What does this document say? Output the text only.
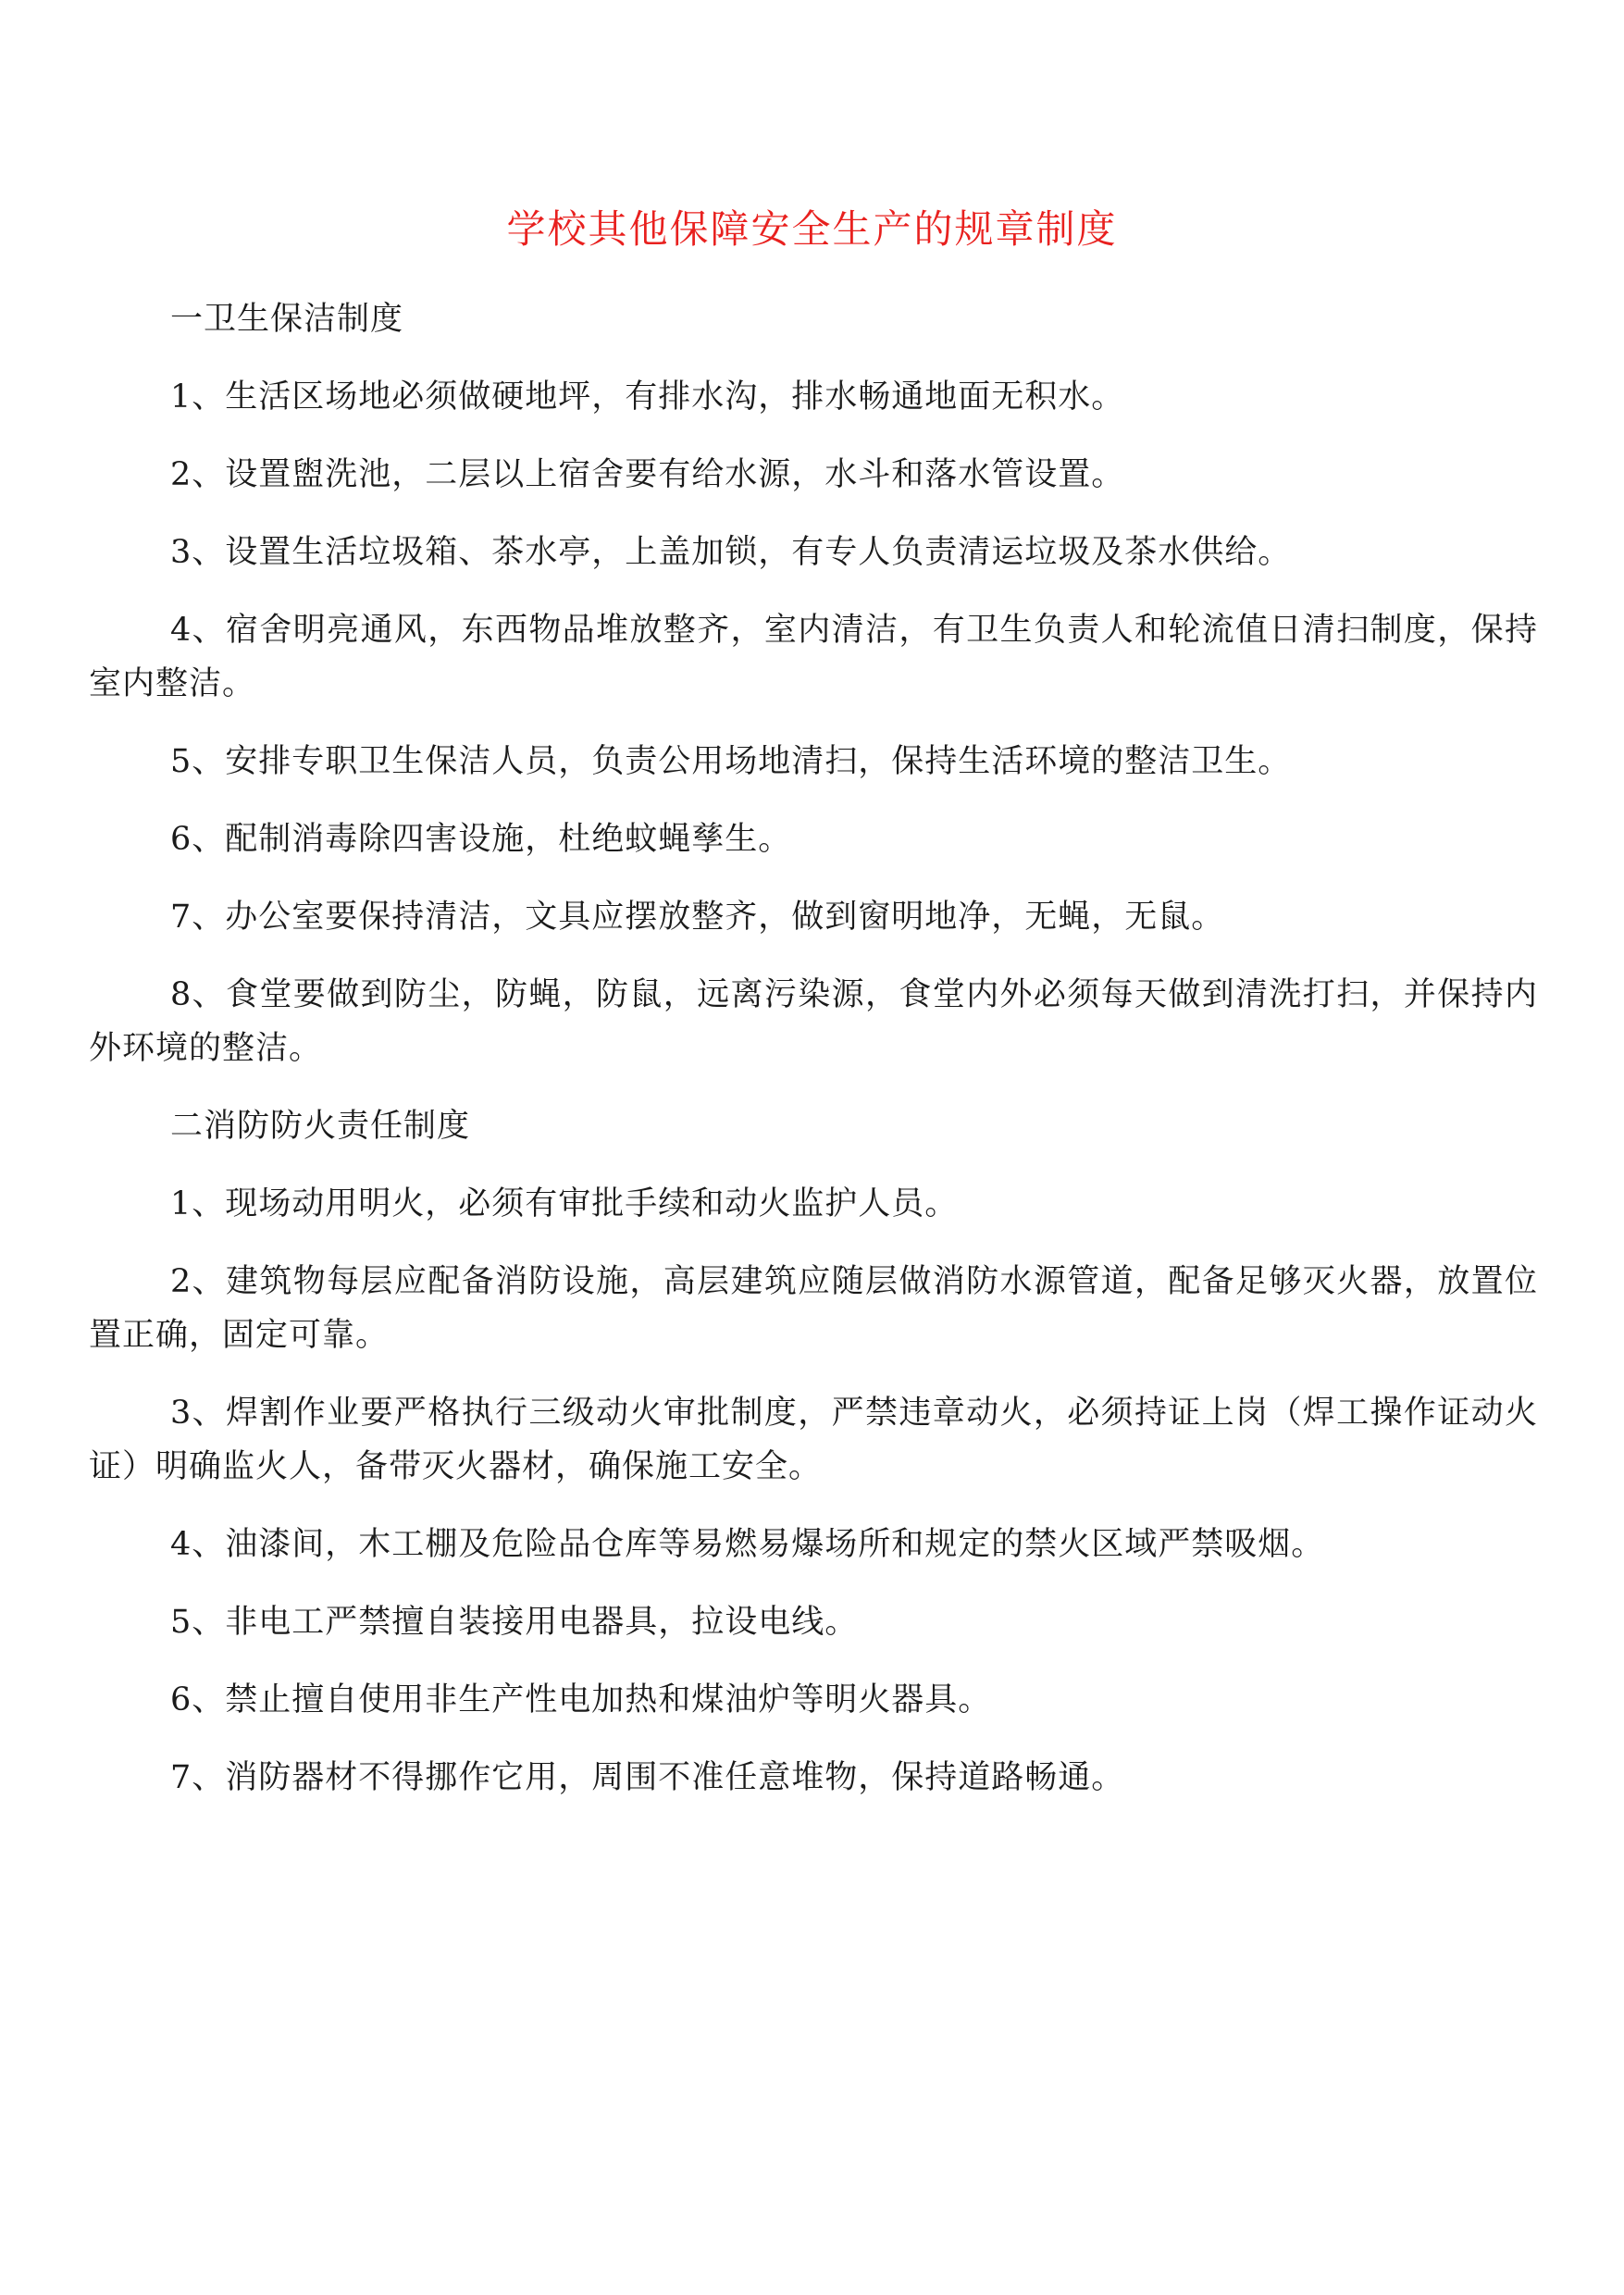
学校其他保障安全生产的规章制度

一卫生保洁制度

1、生活区场地必须做硬地坪，有排水沟，排水畅通地面无积水。

2、设置盥洗池，二层以上宿舍要有给水源，水斗和落水管设置。

3、设置生活垃圾箱、茶水亭，上盖加锁，有专人负责清运垃圾及茶水供给。

4、宿舍明亮通风，东西物品堆放整齐，室内清洁，有卫生负责人和轮流值日清扫制度，保持室内整洁。

5、安排专职卫生保洁人员，负责公用场地清扫，保持生活环境的整洁卫生。

6、配制消毒除四害设施，杜绝蚊蝇孳生。

7、办公室要保持清洁，文具应摆放整齐，做到窗明地净，无蝇，无鼠。

8、食堂要做到防尘，防蝇，防鼠，远离污染源，食堂内外必须每天做到清洗打扫，并保持内外环境的整洁。

二消防防火责任制度

1、现场动用明火，必须有审批手续和动火监护人员。

2、建筑物每层应配备消防设施，高层建筑应随层做消防水源管道，配备足够灭火器，放置位置正确，固定可靠。

3、焊割作业要严格执行三级动火审批制度，严禁违章动火，必须持证上岗（焊工操作证动火证）明确监火人，备带灭火器材，确保施工安全。

4、油漆间，木工棚及危险品仓库等易燃易爆场所和规定的禁火区域严禁吸烟。

5、非电工严禁擅自装接用电器具，拉设电线。

6、禁止擅自使用非生产性电加热和煤油炉等明火器具。

7、消防器材不得挪作它用，周围不准任意堆物，保持道路畅通。
